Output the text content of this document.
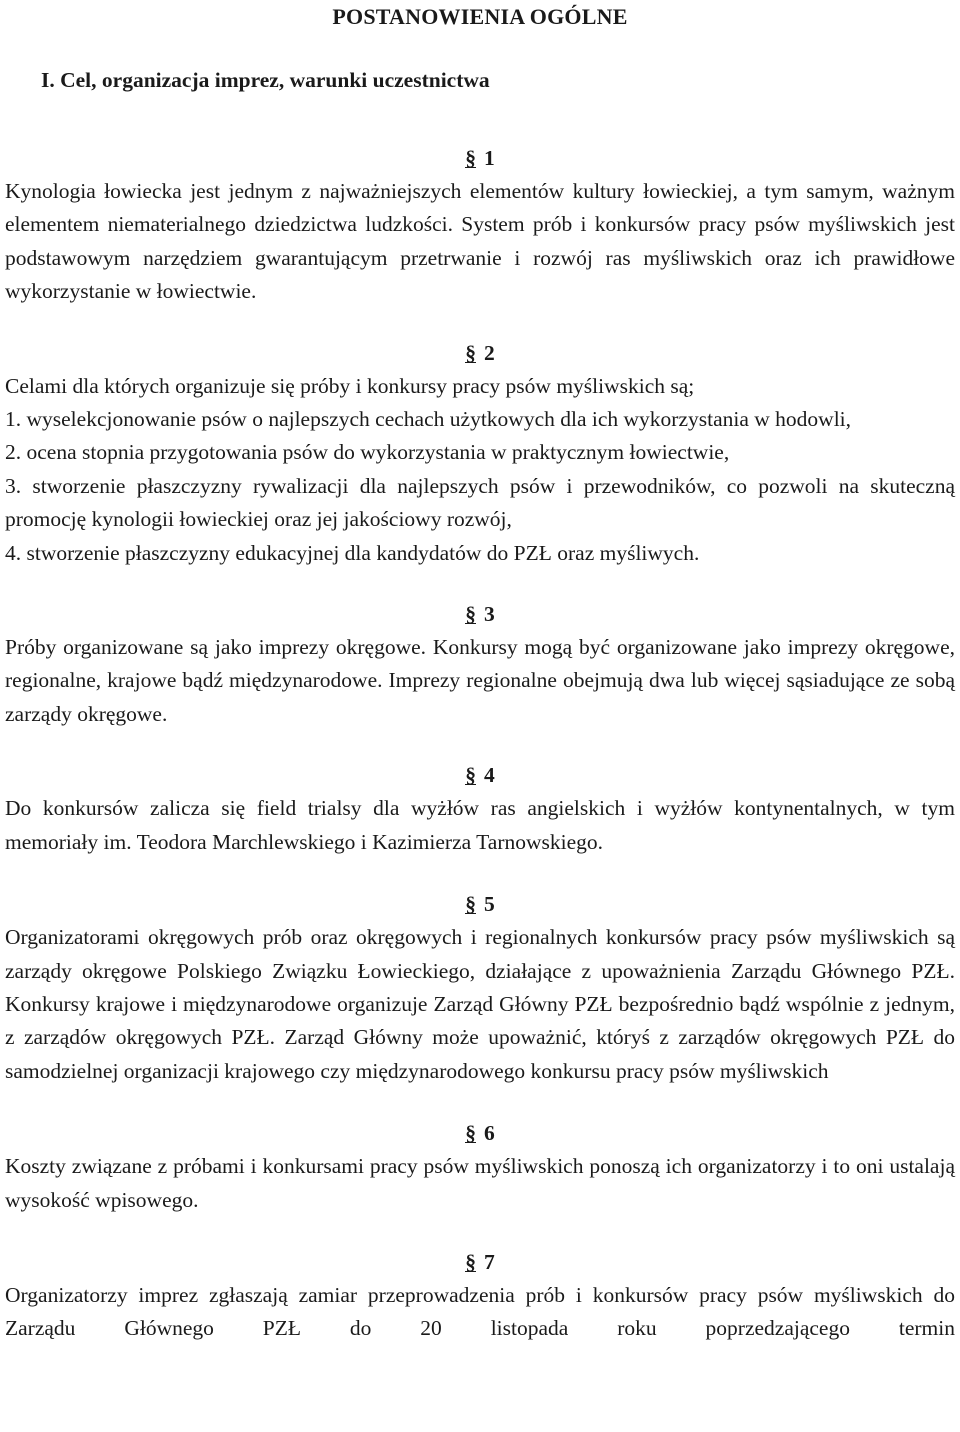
POSTANOWIENIA OGÓLNE
I. Cel, organizacja imprez, warunki uczestnictwa
§ 1

Kynologia łowiecka jest jednym z najważniejszych elementów kultury łowieckiej, a tym samym, ważnym elementem niematerialnego dziedzictwa ludzkości. System prób i konkursów pracy psów myśliwskich jest podstawowym narzędziem gwarantującym przetrwanie i rozwój ras myśliwskich oraz ich prawidłowe wykorzystanie w łowiectwie.

§ 2

Celami dla których organizuje się próby i konkursy pracy psów myśliwskich są;

1. wyselekcjonowanie psów o najlepszych cechach użytkowych dla ich wykorzystania w hodowli,

2. ocena stopnia przygotowania psów do wykorzystania w praktycznym łowiectwie,

3. stworzenie płaszczyzny rywalizacji dla najlepszych psów i przewodników, co pozwoli na skuteczną promocję kynologii łowieckiej oraz jej jakościowy rozwój,

4. stworzenie płaszczyzny edukacyjnej dla kandydatów do PZŁ oraz myśliwych.

§ 3

Próby organizowane są jako imprezy okręgowe. Konkursy mogą być organizowane jako imprezy okręgowe, regionalne, krajowe bądź międzynarodowe. Imprezy regionalne obejmują dwa lub więcej sąsiadujące ze sobą zarządy okręgowe.

§ 4

Do konkursów zalicza się field trialsy dla wyżłów ras angielskich i wyżłów kontynentalnych, w tym memoriały im. Teodora Marchlewskiego i Kazimierza Tarnowskiego.

§ 5

Organizatorami okręgowych prób oraz okręgowych i regionalnych konkursów pracy psów myśliwskich są zarządy okręgowe Polskiego Związku Łowieckiego, działające z upoważnienia Zarządu Głównego PZŁ. Konkursy krajowe i międzynarodowe organizuje Zarząd Główny PZŁ bezpośrednio bądź wspólnie z jednym, z zarządów okręgowych PZŁ. Zarząd Główny może upoważnić, któryś z zarządów okręgowych PZŁ do samodzielnej organizacji krajowego czy międzynarodowego konkursu pracy psów myśliwskich

§ 6

Koszty związane z próbami i konkursami pracy psów myśliwskich ponoszą ich organizatorzy i to oni ustalają wysokość wpisowego.

§ 7

Organizatorzy imprez zgłaszają zamiar przeprowadzenia prób i konkursów pracy psów myśliwskich do Zarządu Głównego PZŁ do 20 listopada roku poprzedzającego termin
